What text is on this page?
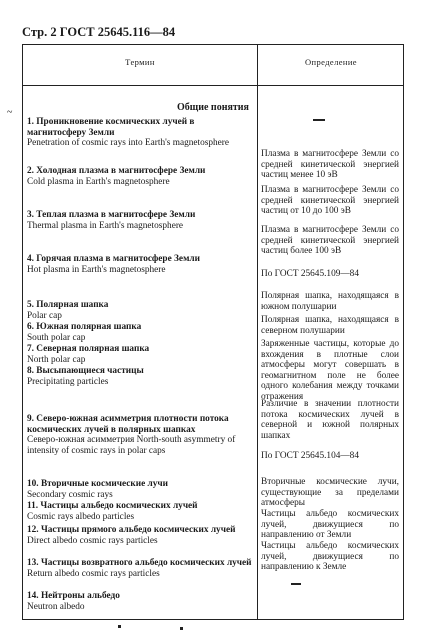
Стр. 2 ГОСТ 25645.116—84
Термин	Определение
Общие понятия
~
1. Проникновение космических лучей в магнитосферу Земли
Penetration of cosmic rays into Earth's magnetosphere
2. Холодная плазма в магнитосфере Земли
Cold plasma in Earth's magnetosphere
3. Теплая плазма в магнитосфере Земли
Thermal plasma in Earth's magnetosphere
4. Горячая плазма в магнитосфере Земли
Hot plasma in Earth's magnetosphere
5. Полярная шапка
Polar cap
6. Южная полярная шапка
South polar cap
7. Северная полярная шапка
North polar cap
8. Высыпающиеся частицы
Precipitating particles
9. Северо-южная асимметрия плотности потока космических лучей в полярных шапках
Северо-южная асимметрия North-south asymmetry of intensity of cosmic rays in polar caps
10. Вторичные космические лучи
Secondary cosmic rays
11. Частицы альбедо космических лучей
Cosmic rays albedo particles
12. Частицы прямого альбедо космических лучей
Direct albedo cosmic rays particles
13. Частицы возвратного альбедо космических лучей
Return albedo cosmic rays particles
14. Нейтроны альбедо
Neutron albedo
Плазма в магнитосфере Земли со средней кинетической энергией частиц менее 10 эВ
Плазма в магнитосфере Земли со средней кинетической энергией частиц от 10 до 100 эВ
Плазма в магнитосфере Земли со средней кинетической энергией частиц более 100 эВ
По ГОСТ 25645.109—84
Полярная шапка, находящаяся в южном полушарии
Полярная шапка, находящаяся в северном полушарии
Заряженные частицы, которые до вхождения в плотные слои атмосферы могут совершать в геомагнитном поле не более одного колебания между точками отражения
Различие в значении плотности потока космических лучей в северной и южной полярных шапках
По ГОСТ 25645.104—84
Вторичные космические лучи, существующие за пределами атмосферы
Частицы альбедо космических лучей, движущиеся по направлению от Земли
Частицы альбедо космических лучей, движущиеся по направлению к Земле
